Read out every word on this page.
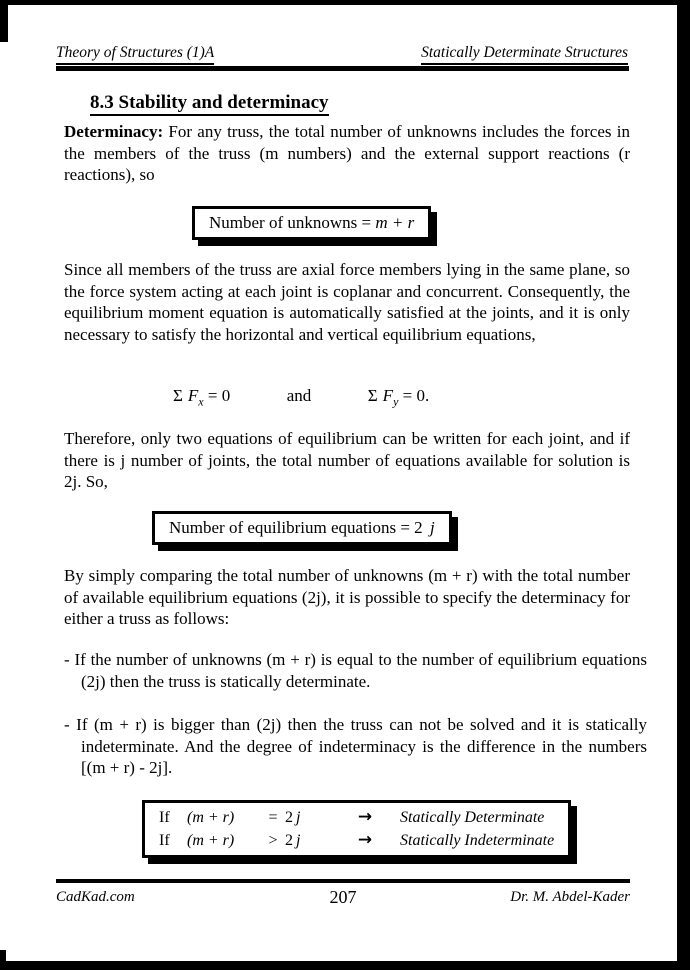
Theory of Structures (1)A	Statically Determinate Structures
8.3 Stability and determinacy
Determinacy: For any truss, the total number of unknowns includes the forces in the members of the truss (m numbers) and the external support reactions (r reactions), so
Number of unknowns = m + r
Since all members of the truss are axial force members lying in the same plane, so the force system acting at each joint is coplanar and concurrent. Consequently, the equilibrium moment equation is automatically satisfied at the joints, and it is only necessary to satisfy the horizontal and vertical equilibrium equations,
Σ $F_x = 0$	and	Σ $F_y = 0$.
Therefore, only two equations of equilibrium can be written for each joint, and if there is j number of joints, the total number of equations available for solution is 2j. So,
Number of equilibrium equations = 2 j
By simply comparing the total number of unknowns (m + r) with the total number of available equilibrium equations (2j), it is possible to specify the determinacy for either a truss as follows:
- If the number of unknowns (m + r) is equal to the number of equilibrium equations (2j) then the truss is statically determinate.
- If (m + r) is bigger than (2j) then the truss can not be solved and it is statically indeterminate. And the degree of indeterminacy is the difference in the numbers [(m + r) - 2j].
If	(m + r)	= 2 j	→	Statically Determinate
If	(m + r)	> 2 j	→	Statically Indeterminate
207
CadKad.com	Dr. M. Abdel-Kader
